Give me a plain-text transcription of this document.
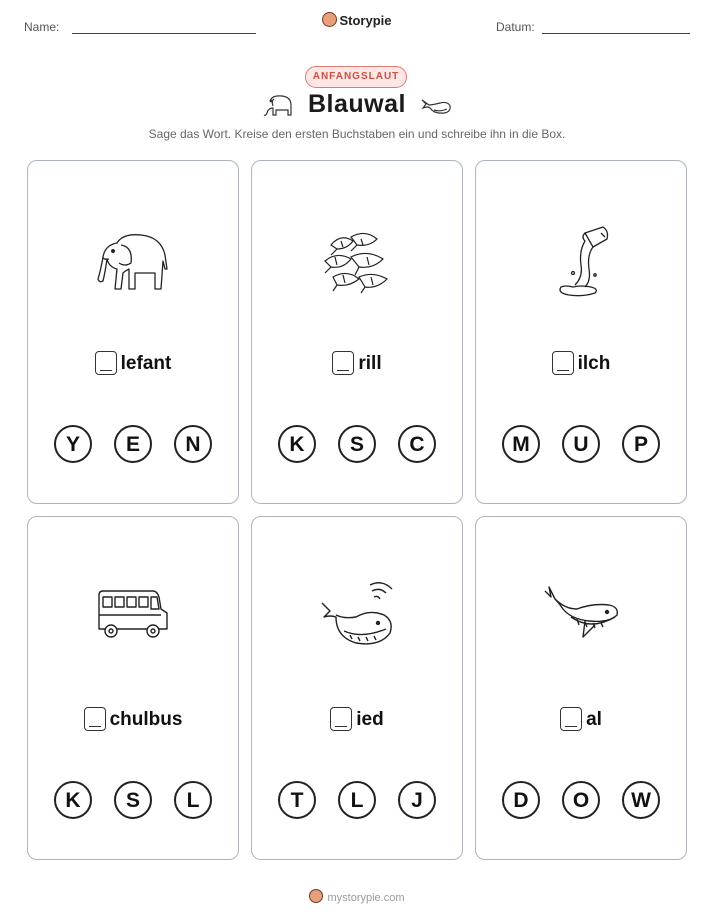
Name:	Storypie	Datum:
ANFANGSLAUT
Blauwal
Sage das Wort. Kreise den ersten Buchstaben ein und schreibe ihn in die Box.
lefant
Y	E	N
rill
K	S	C
ilch
M	U	P
chulbus
K	S	L
ied
T	L	J
al
D	O	W
mystorypie.com
